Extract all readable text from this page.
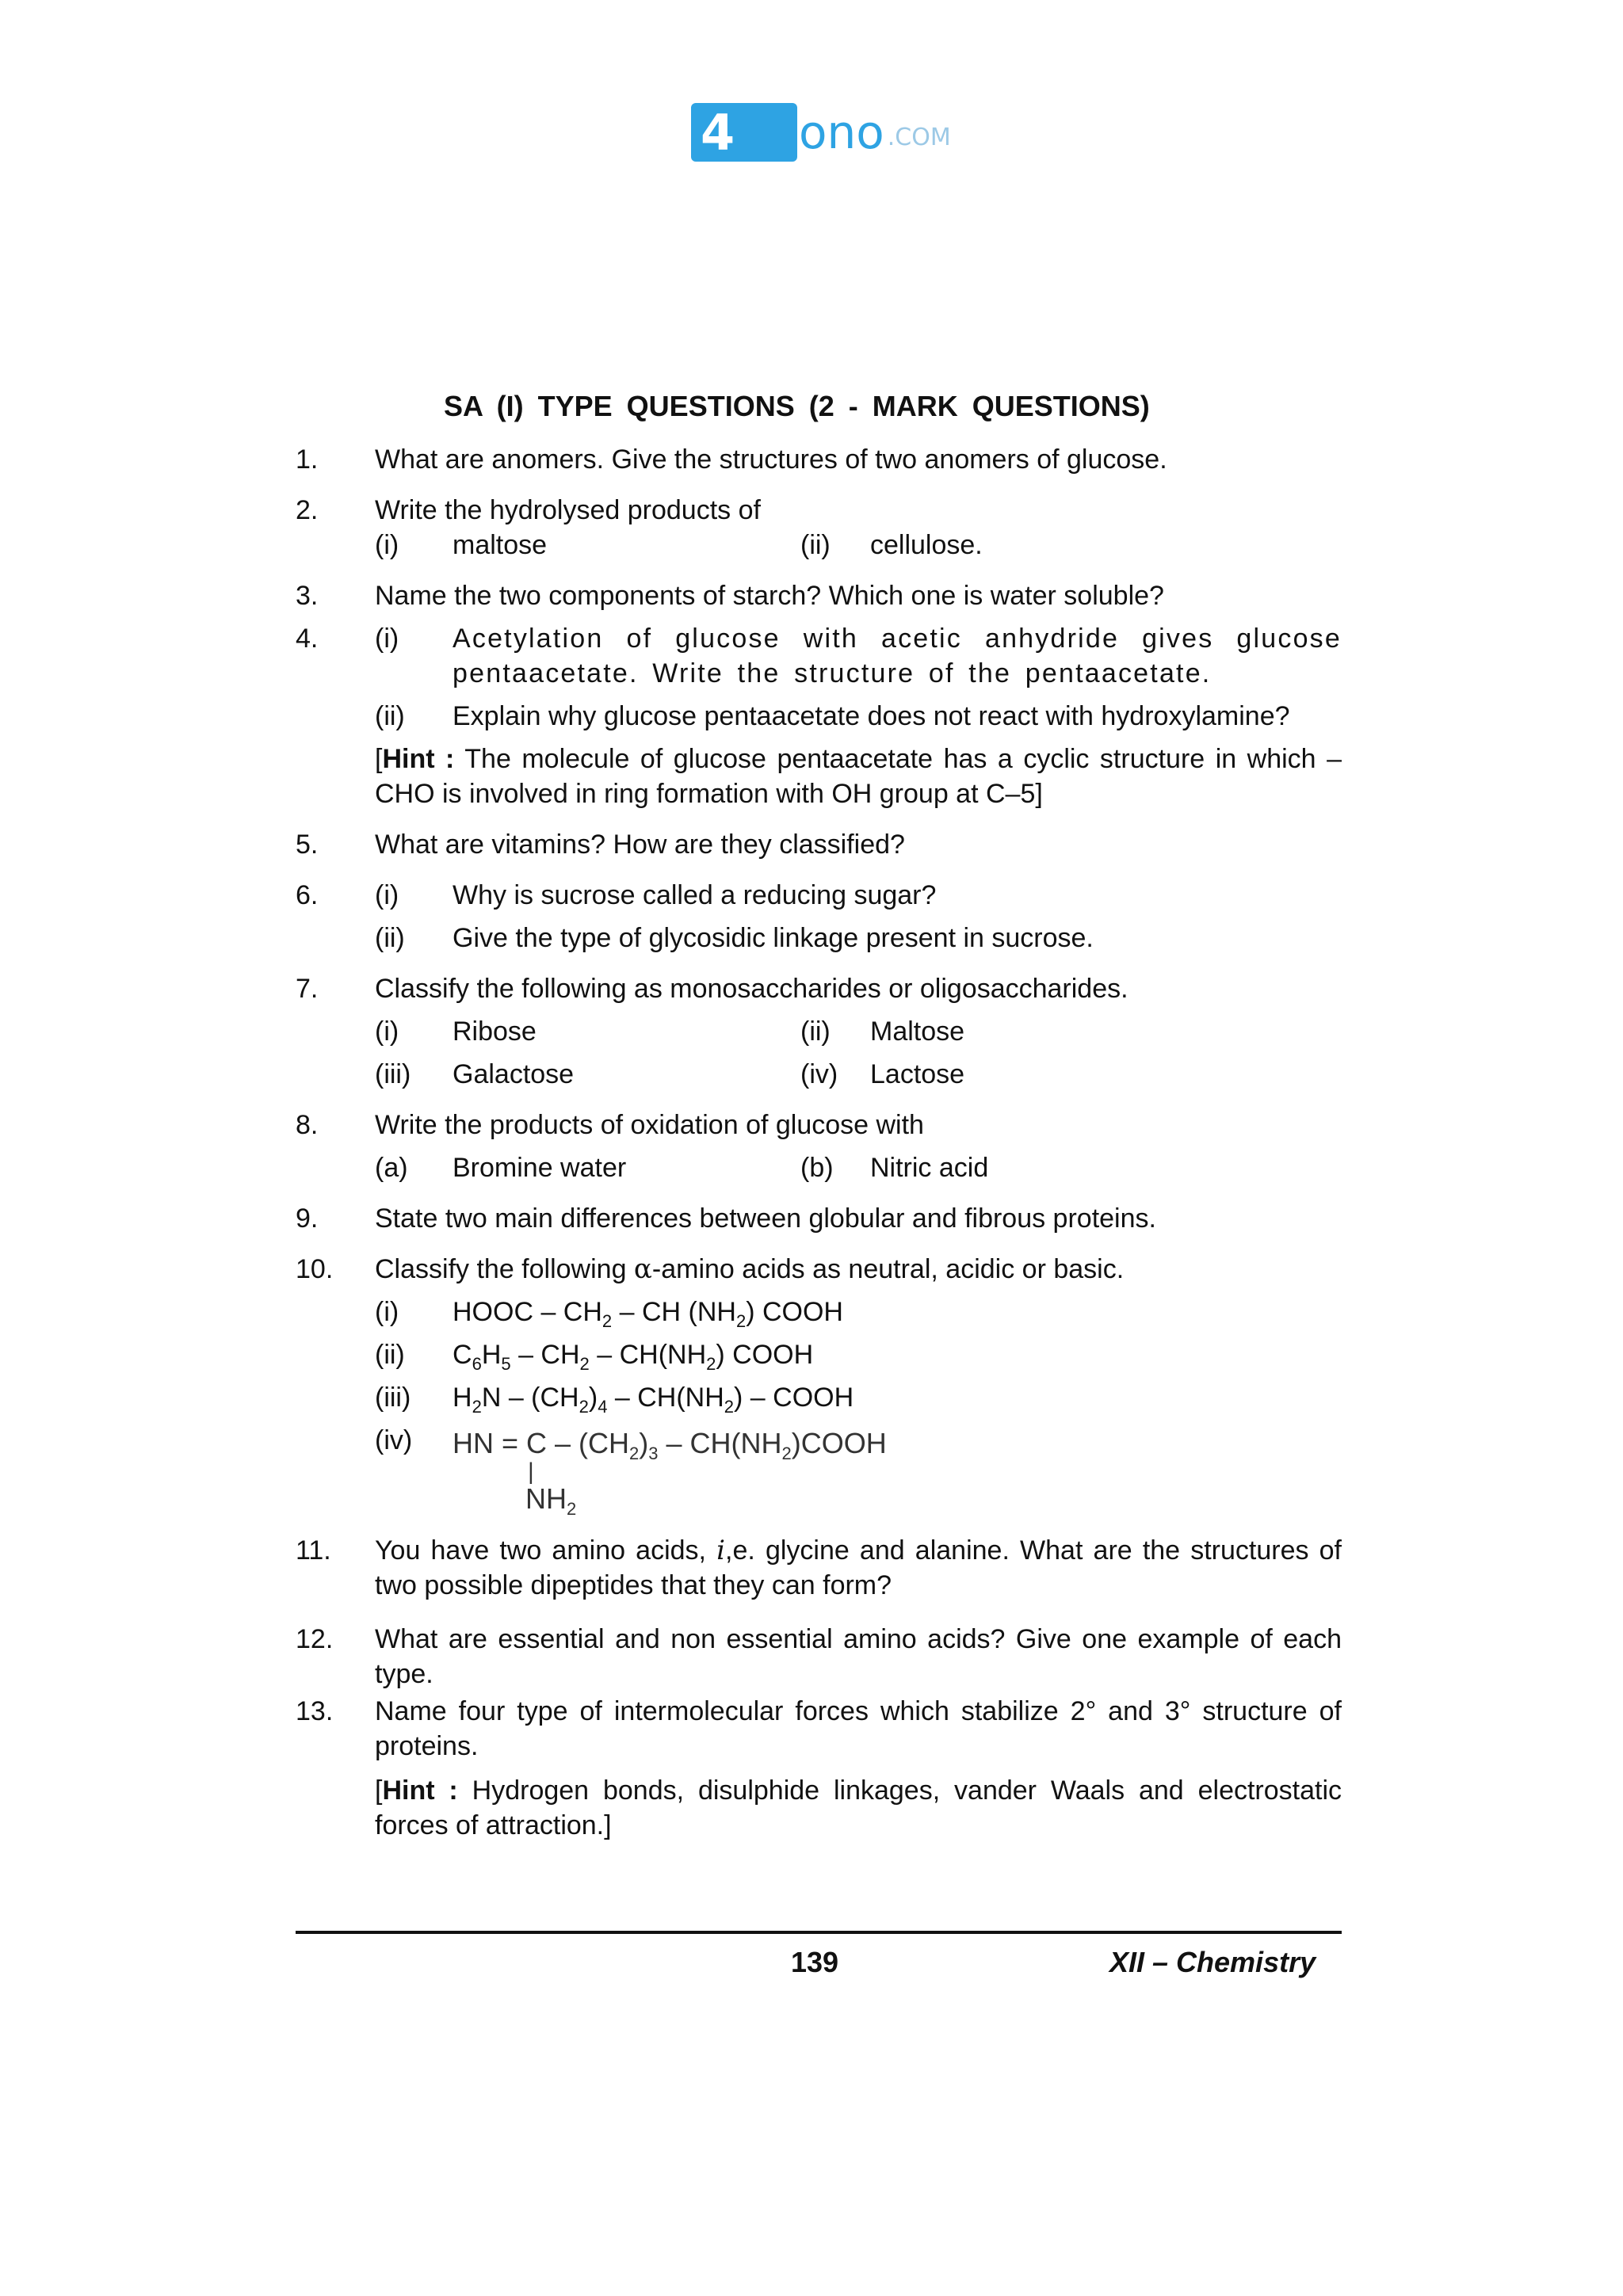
4 ono .COM
SA (I) TYPE QUESTIONS (2 - MARK QUESTIONS)
1. What are anomers. Give the structures of two anomers of glucose.
2. Write the hydrolysed products of
(i) maltose	(ii) cellulose.
3. Name the two components of starch? Which one is water soluble?
4. (i) Acetylation of glucose with acetic anhydride gives glucose pentaacetate. Write the structure of the pentaacetate.
(ii) Explain why glucose pentaacetate does not react with hydroxylamine?
[Hint : The molecule of glucose pentaacetate has a cyclic structure in which –CHO is involved in ring formation with OH group at C–5]
5. What are vitamins? How are they classified?
6. (i) Why is sucrose called a reducing sugar?
(ii) Give the type of glycosidic linkage present in sucrose.
7. Classify the following as monosaccharides or oligosaccharides.
(i) Ribose	(ii) Maltose
(iii) Galactose	(iv) Lactose
8. Write the products of oxidation of glucose with
(a) Bromine water	(b) Nitric acid
9. State two main differences between globular and fibrous proteins.
10. Classify the following α-amino acids as neutral, acidic or basic.
(i) HOOC – $CH_2$ – CH $(NH_2)$ COOH
(ii) $C_6H_5 - CH_2 - CH(NH_2)$ COOH
(iii) $H_2N - (CH_2)_4 - CH(NH_2)$ – COOH
(iv) HN = C – $(CH_2)_3$ – $CH(NH_2)COOH$
|
$NH_2$
11. You have two amino acids, i,e. glycine and alanine. What are the structures of two possible dipeptides that they can form?
12. What are essential and non essential amino acids? Give one example of each type.
13. Name four type of intermolecular forces which stabilize 2° and 3° structure of proteins.
[Hint : Hydrogen bonds, disulphide linkages, vander Waals and electrostatic forces of attraction.]
139	XII – Chemistry
